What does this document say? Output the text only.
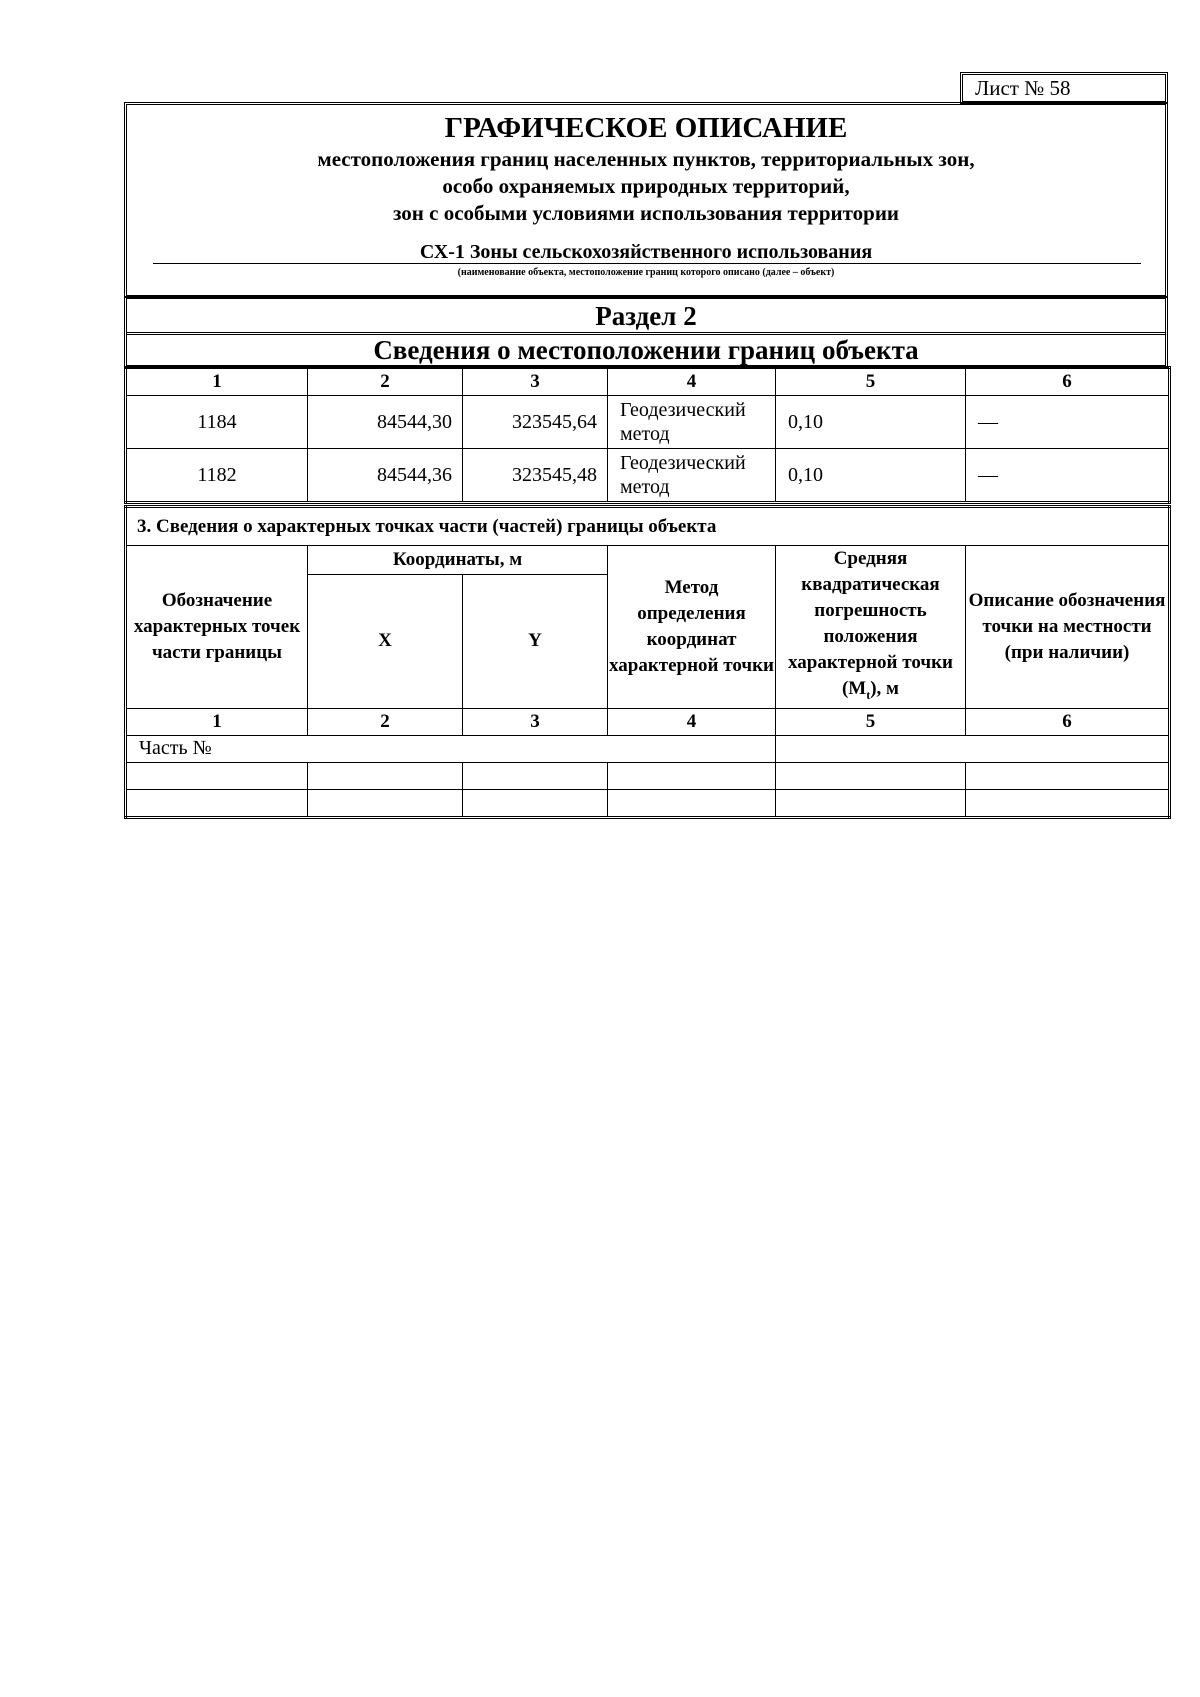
Лист № 58
ГРАФИЧЕСКОЕ ОПИСАНИЕ
местоположения границ населенных пунктов, территориальных зон,
особо охраняемых природных территорий,
зон с особыми условиями использования территории
СХ-1 Зоны сельскохозяйственного использования
(наименование объекта, местоположение границ которого описано (далее – объект)
Раздел 2
Сведения о местоположении границ объекта
1	2	3	4	5	6
1184	84544,30	323545,64	Геодезический метод	0,10	—
1182	84544,36	323545,48	Геодезический метод	0,10	—
3. Сведения о характерных точках части (частей) границы объекта					
Обозначение характерных точек части границы	Координаты, м		Метод определения координат характерной точки	Средняя квадратическая погрешность положения характерной точки $(M_t)$, м	Описание обозначения точки на местности (при наличии)
	X	Y			
1	2	3	4	5	6
Часть №					
